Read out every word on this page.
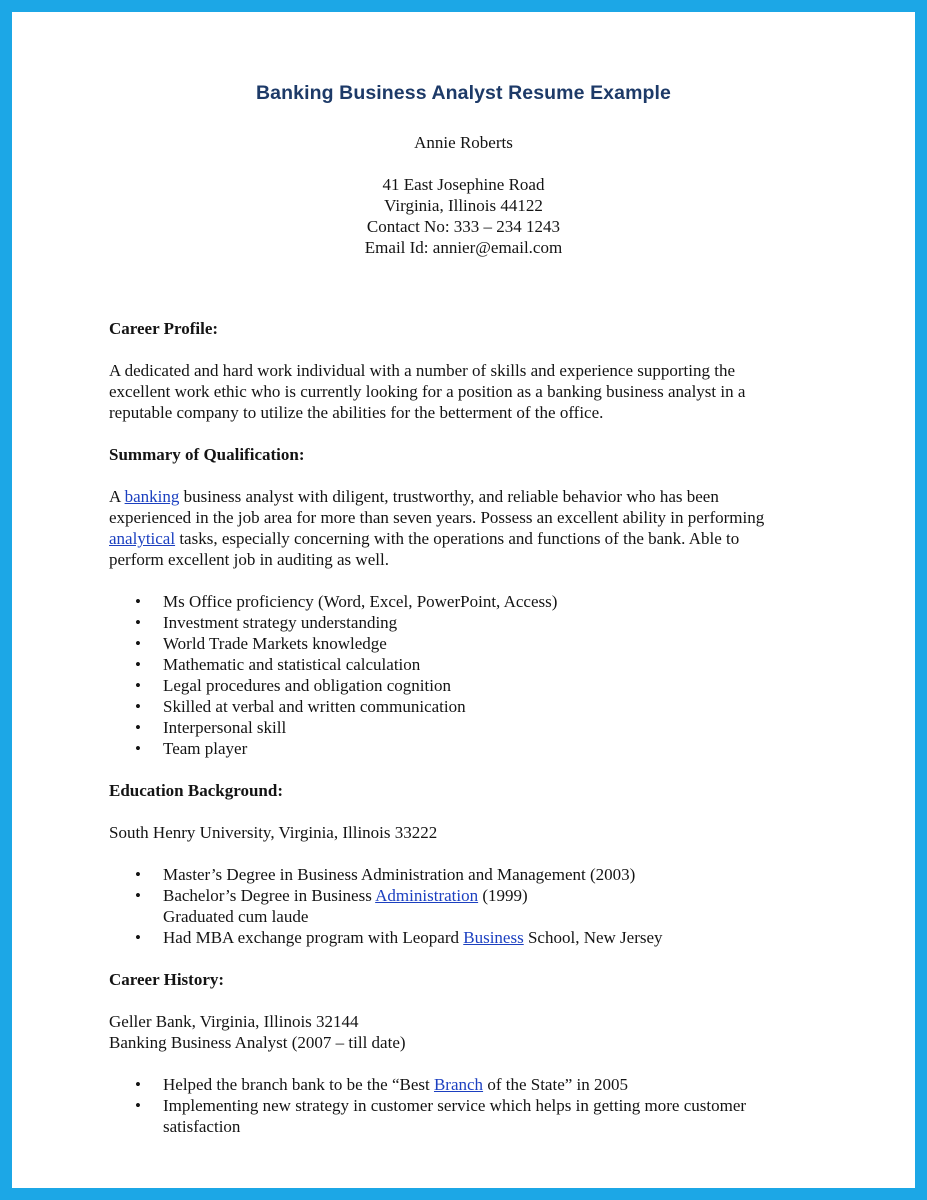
Banking Business Analyst Resume Example
Annie Roberts
41 East Josephine Road
Virginia, Illinois 44122
Contact No: 333 – 234 1243
Email Id: annier@email.com

Career Profile:

A dedicated and hard work individual with a number of skills and experience supporting the

excellent work ethic who is currently looking for a position as a banking business analyst in a

reputable company to utilize the abilities for the betterment of the office.

Summary of Qualification:

A banking business analyst with diligent, trustworthy, and reliable behavior who has been

experienced in the job area for more than seven years. Possess an excellent ability in performing

analytical tasks, especially concerning with the operations and functions of the bank. Able to

perform excellent job in auditing as well.

• Ms Office proficiency (Word, Excel, PowerPoint, Access)
• Investment strategy understanding
• World Trade Markets knowledge
• Mathematic and statistical calculation
• Legal procedures and obligation cognition
• Skilled at verbal and written communication
• Interpersonal skill
• Team player

Education Background:

South Henry University, Virginia, Illinois 33222

• Master’s Degree in Business Administration and Management (2003)
• Bachelor’s Degree in Business Administration (1999)
Graduated cum laude
• Had MBA exchange program with Leopard Business School, New Jersey

Career History:

Geller Bank, Virginia, Illinois 32144

Banking Business Analyst (2007 – till date)

• Helped the branch bank to be the “Best Branch of the State” in 2005
• Implementing new strategy in customer service which helps in getting more customer
satisfaction
